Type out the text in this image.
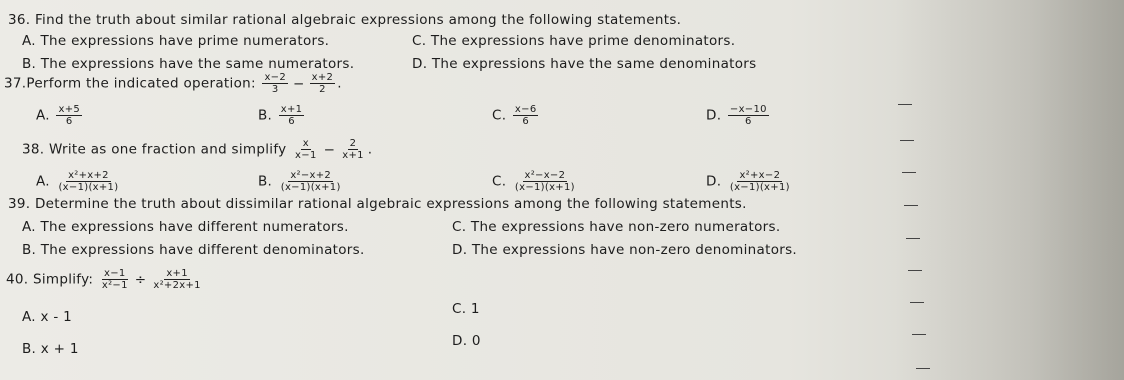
36. Find the truth about similar rational algebraic expressions among the following statements.
A. The expressions have prime numerators.	C. The expressions have prime denominators.
B. The expressions have the same numerators.	D. The expressions have the same denominators
37.Perform the indicated operation: $\frac{x-2}{3} - \frac{x+2}{2}$ .
A. $\frac{x+5}{6}$	B. $\frac{x+1}{6}$	C. $\frac{x-6}{6}$	D. $\frac{-x-10}{6}$
38. Write as one fraction and simplify $\frac{x}{x-1} - \frac{2}{x+1}$ .
A. $\frac{\text{x²+x+2}}{(x-1)(x+1)}$	B. $\frac{\text{x²−x+2}}{(x-1)(x+1)}$	C. $\frac{\text{x²−x−2}}{(x-1)(x+1)}$	D. $\frac{\text{x²+x−2}}{(x-1)(x+1)}$
39. Determine the truth about dissimilar rational algebraic expressions among the following statements.
A. The expressions have different numerators.	C. The expressions have non-zero numerators.
B. The expressions have different denominators.	D. The expressions have non-zero denominators.
40. Simplify: $\frac{x-1}{\text{x²−1}} \div \frac{x+1}{\text{x²+2x+1}}$
A. x - 1	C. 1
B. x + 1	D. 0
